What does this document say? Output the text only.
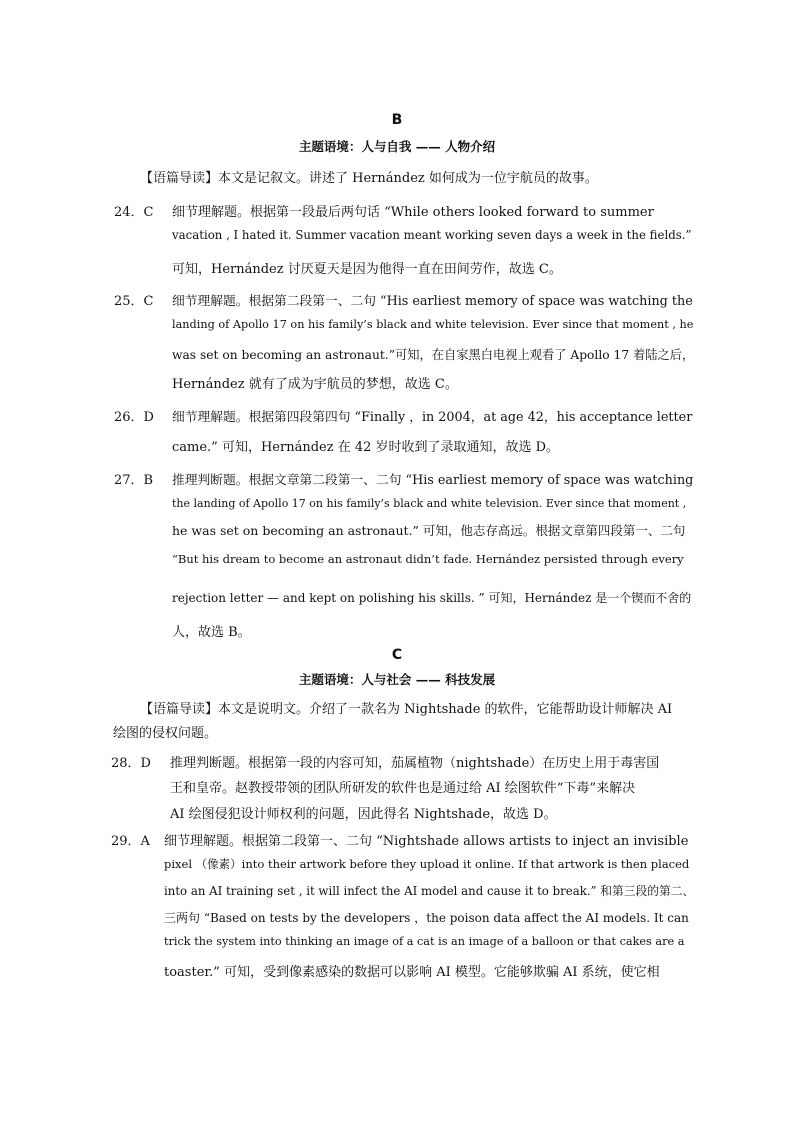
B
主题语境：人与自我 —— 人物介绍
【语篇导读】本文是记叙文。讲述了 Hernández 如何成为一位宇航员的故事。
24．C 细节理解题。根据第一段最后两句话 “While others looked forward to summer
vacation , I hated it. Summer vacation meant working seven days a week in the fields.”
可知，Hernández 讨厌夏天是因为他得一直在田间劳作，故选 C。
25．C 细节理解题。根据第二段第一、二句 “His earliest memory of space was watching the
landing of Apollo 17 on his family’s black and white television. Ever since that moment , he
was set on becoming an astronaut.”可知，在自家黑白电视上观看了 Apollo 17 着陆之后，
Hernández 就有了成为宇航员的梦想，故选 C。
26．D 细节理解题。根据第四段第四句 “Finally ，in 2004，at age 42，his acceptance letter
came.” 可知，Hernández 在 42 岁时收到了录取通知，故选 D。
27．B 推理判断题。根据文章第二段第一、二句 “His earliest memory of space was watching
the landing of Apollo 17 on his family’s black and white television. Ever since that moment ,
he was set on becoming an astronaut.” 可知，他志存高远。根据文章第四段第一、二句
“But his dream to become an astronaut didn’t fade. Hernández persisted through every
rejection letter — and kept on polishing his skills. ” 可知，Hernández 是一个锲而不舍的
人，故选 B。
C
主题语境：人与社会 —— 科技发展
【语篇导读】本文是说明文。介绍了一款名为 Nightshade 的软件，它能帮助设计师解决 AI
绘图的侵权问题。
28．D 推理判断题。根据第一段的内容可知，茄属植物（nightshade）在历史上用于毒害国
王和皇帝。赵教授带领的团队所研发的软件也是通过给 AI 绘图软件“下毒”来解决
AI 绘图侵犯设计师权利的问题，因此得名 Nightshade，故选 D。
29．A 细节理解题。根据第二段第一、二句 “Nightshade allows artists to inject an invisible
pixel （像素）into their artwork before they upload it online. If that artwork is then placed
into an AI training set , it will infect the AI model and cause it to break.” 和第三段的第二、
三两句 “Based on tests by the developers ，the poison data affect the AI models. It can
trick the system into thinking an image of a cat is an image of a balloon or that cakes are a
toaster.” 可知，受到像素感染的数据可以影响 AI 模型。它能够欺骗 AI 系统，使它相
